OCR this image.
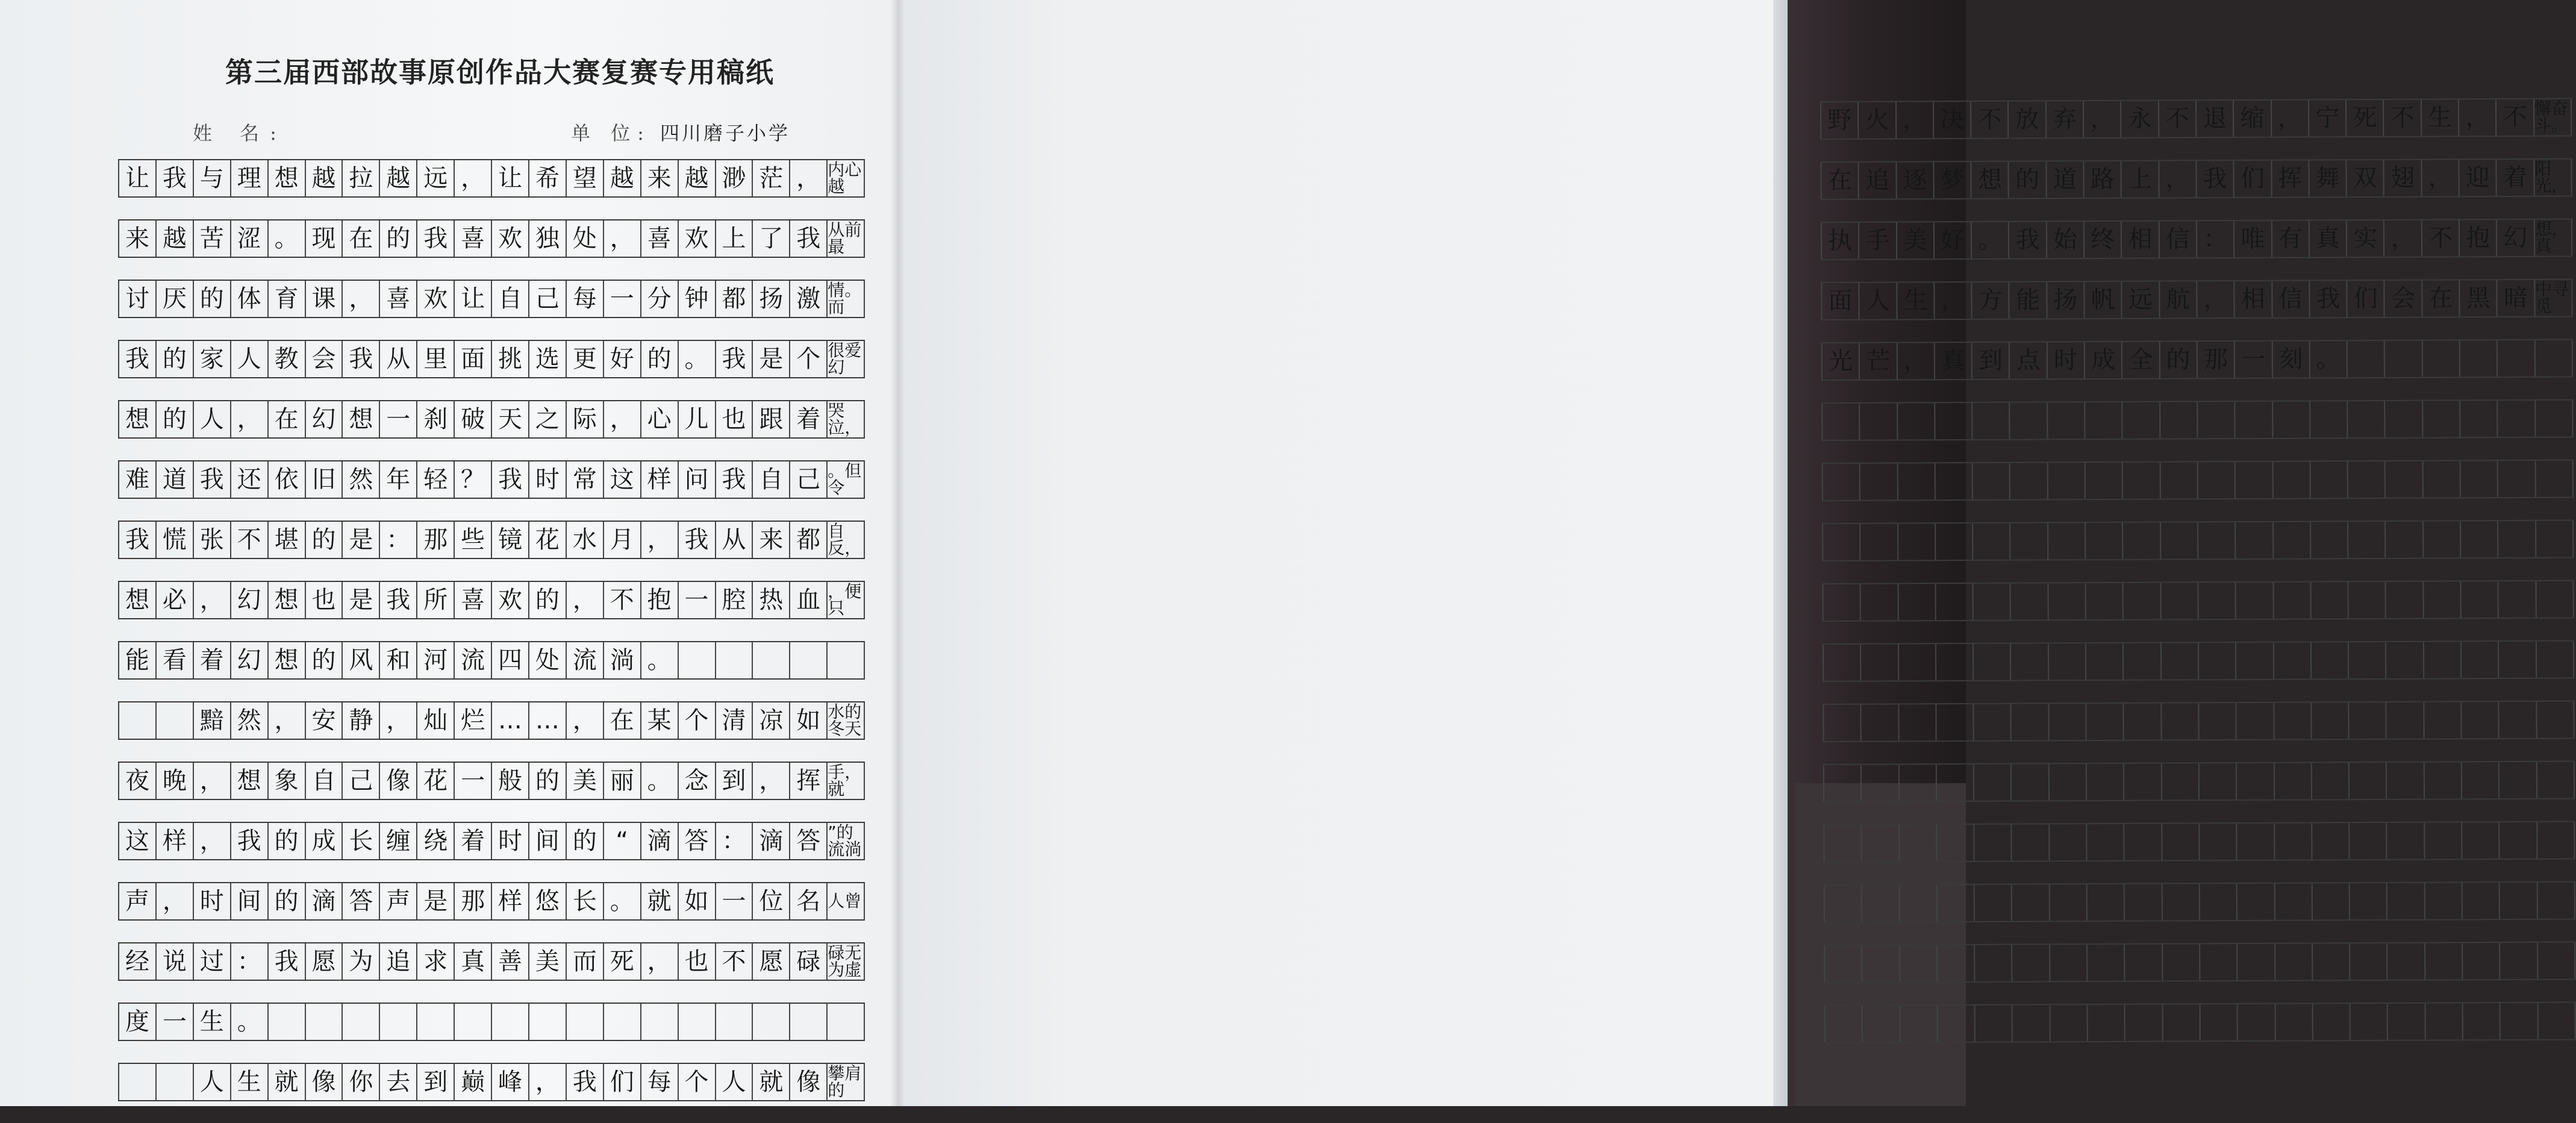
第三届西部故事原创作品大赛复赛专用稿纸
姓 名:	单 位: 四川磨子小学
让 我 与 理 想 越 拉 越 远 ， 让 希 望 越 来 越 渺 茫 ， 内心越
来 越 苦 涩 。 现 在 的 我 喜 欢 独 处 ， 喜 欢 上 了 我 从前最
讨 厌 的 体 育 课 ， 喜 欢 让 自 己 每 一 分 钟 都 扬 激 情。而
我 的 家 人 教 会 我 从 里 面 挑 选 更 好 的 。 我 是 个 很爱幻
想 的 人 ， 在 幻 想 一 刹 破 天 之 际 ， 心 儿 也 跟 着 哭泣，
难 道 我 还 依 旧 然 年 轻 ？ 我 时 常 这 样 问 我 自 己 。但令
我 慌 张 不 堪 的 是 ： 那 些 镜 花 水 月 ， 我 从 来 都 自反，
想 必 ， 幻 想 也 是 我 所 喜 欢 的 ， 不 抱 一 腔 热 血 ，便只
能 看 着 幻 想 的 风 和 河 流 四 处 流 淌 。

黯 然 ， 安 静 ， 灿 烂 … … ， 在 某 个 清 凉 如 水的冬天
夜 晚 ， 想 象 自 己 像 花 一 般 的 美 丽 。 念 到 ， 挥 手，就
这 样 ， 我 的 成 长 缠 绕 着 时 间 的 “ 滴 答 ： 滴 答 ”的流淌
声 ， 时 间 的 滴 答 声 是 那 样 悠 长 。 就 如 一 位 名 人曾
经 说 过 ： 我 愿 为 追 求 真 善 美 而 死 ， 也 不 愿 碌 碌无为虚
度 一 生 。

人 生 就 像 你 去 到 巅 峰 ， 我 们 每 个 人 就 像 攀肩的
野 火 ， 决 不 放 弃 ， 永 不 退 缩 ， 宁 死 不 生 ， 不 懈奋斗。
在 追 逐 梦 想 的 道 路 上 ， 我 们 挥 舞 双 翅 ， 迎 着 阳光，
执 手 美 好 。 我 始 终 相 信 ： 唯 有 真 实 ， 不 抱 幻 想，真
面 人 生 ， 方 能 扬 帆 远 航 ， 相 信 我 们 会 在 黑 暗 中寻觅
光 芒 ， 真 到 点 时 成 全 的 那 一 刻 。
